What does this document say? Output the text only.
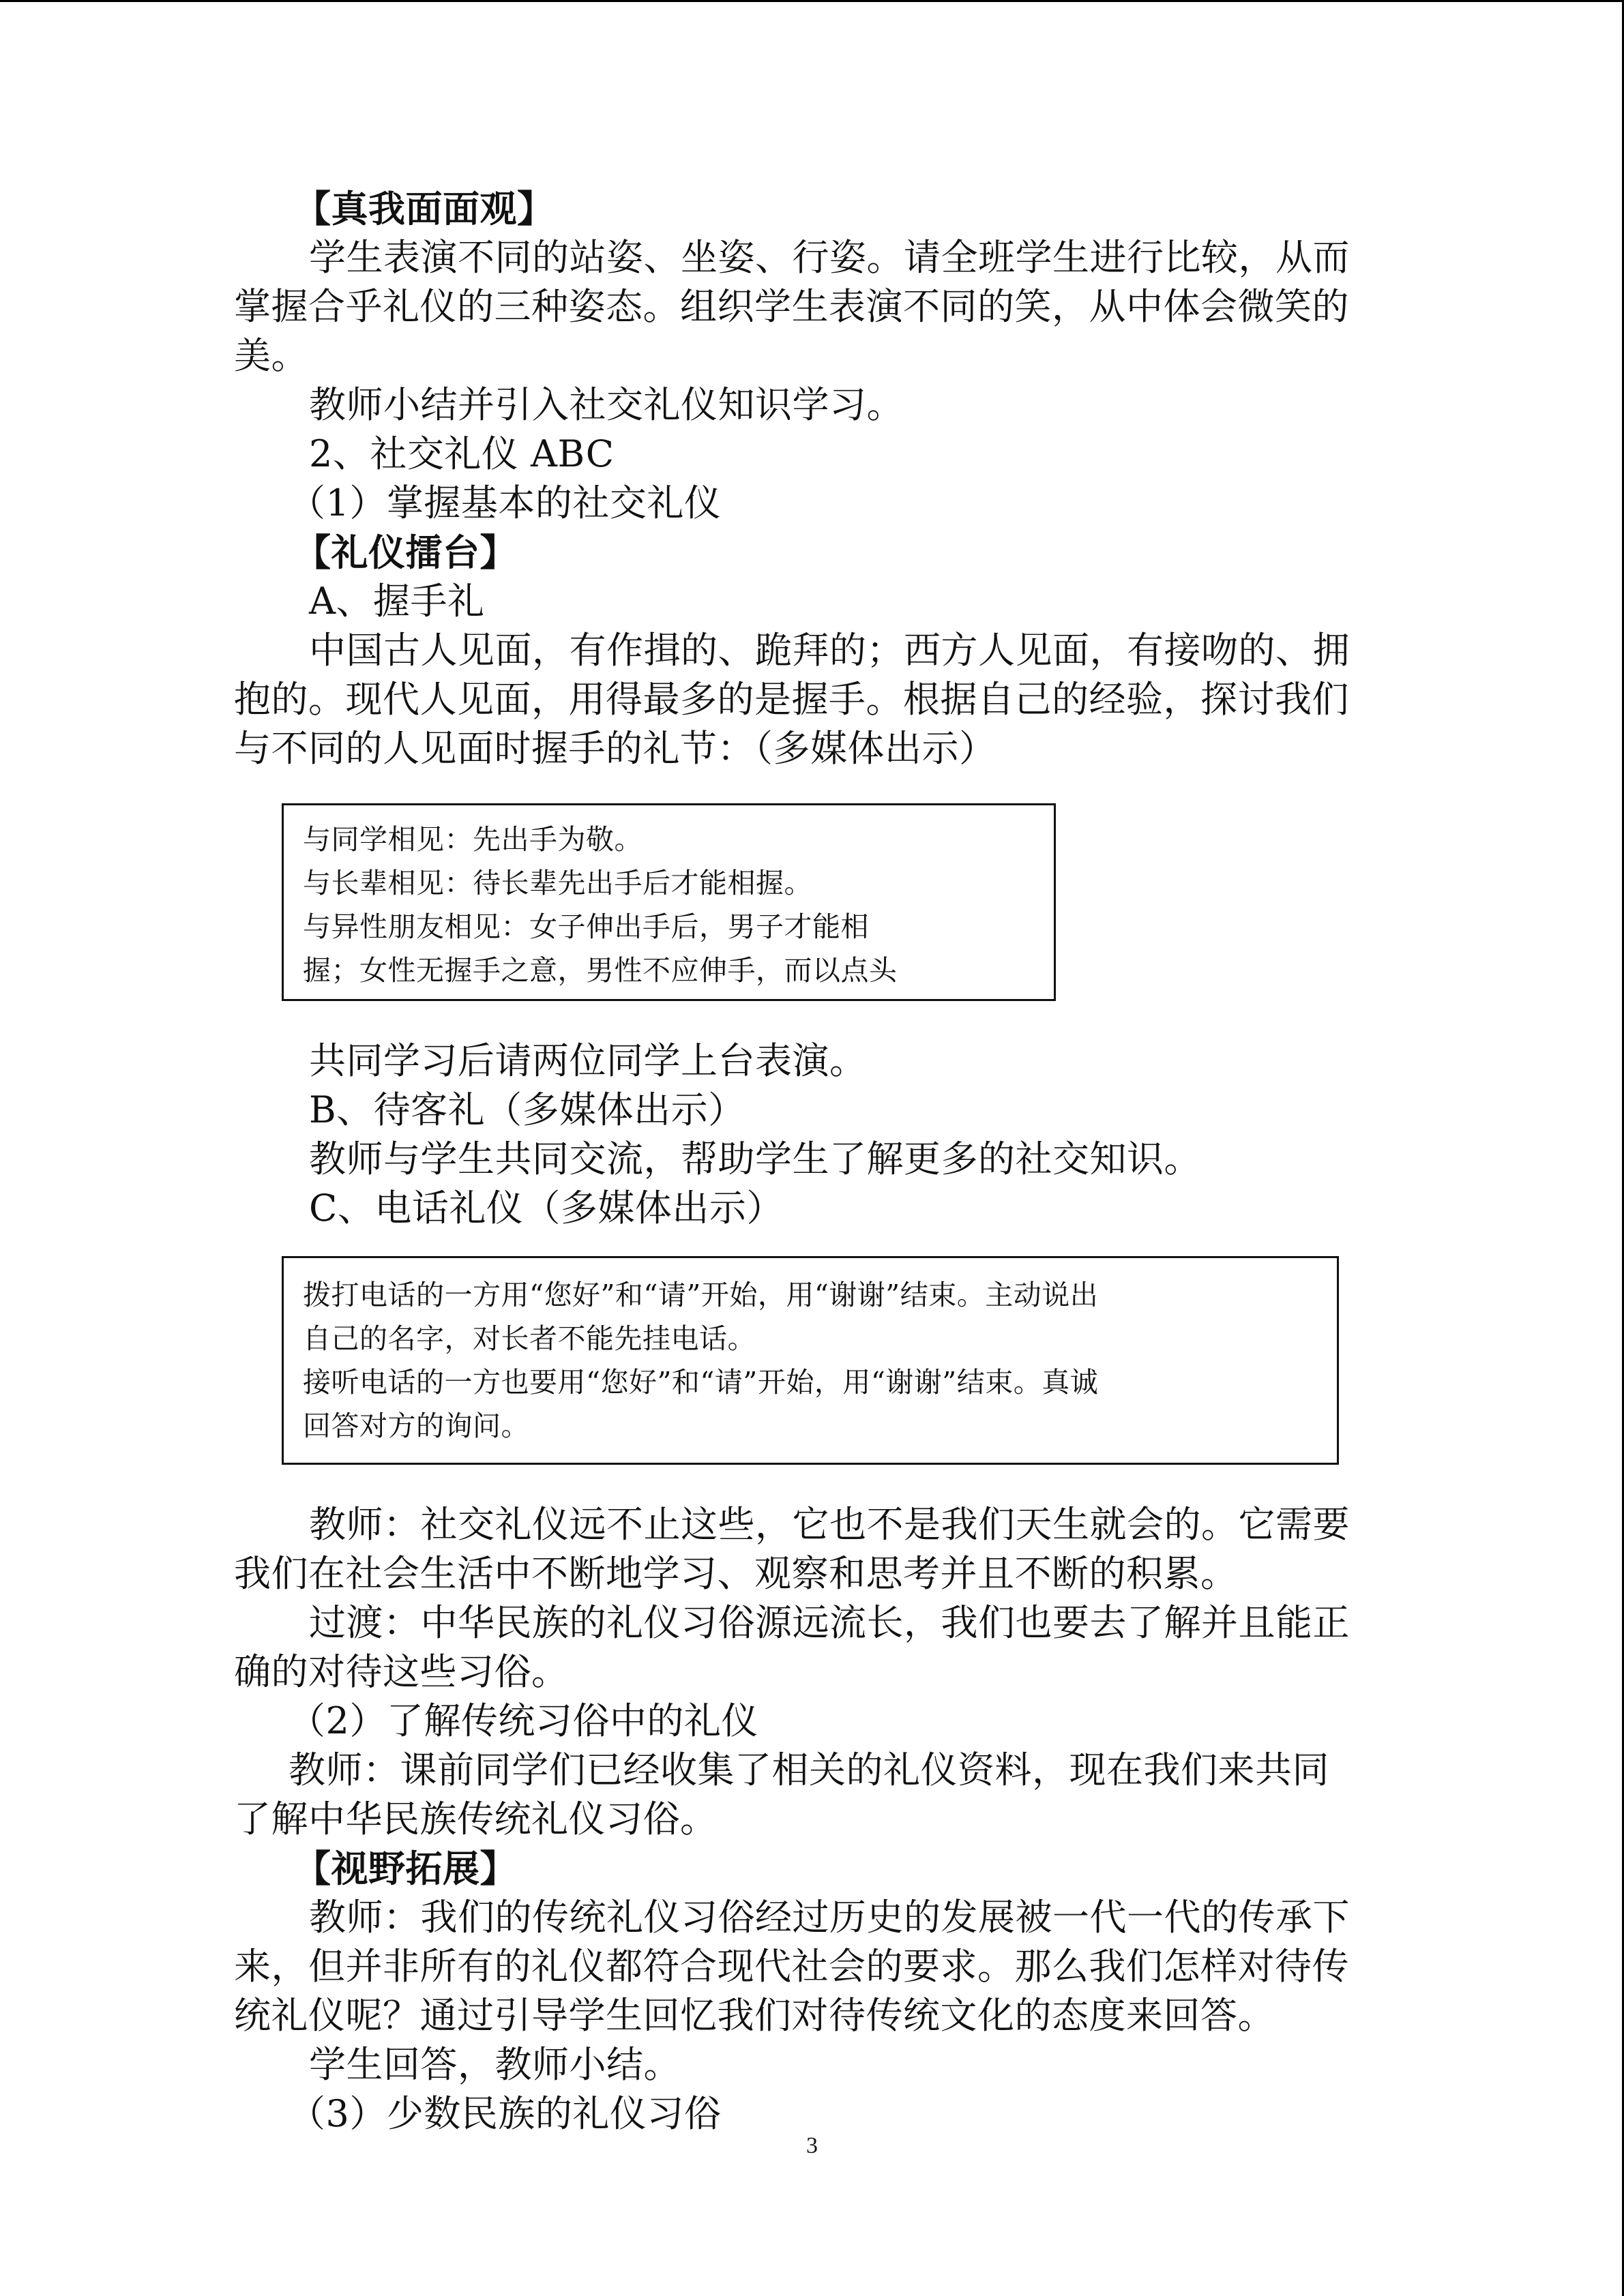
【真我面面观】
学生表演不同的站姿、坐姿、行姿。请全班学生进行比较，从而
掌握合乎礼仪的三种姿态。组织学生表演不同的笑，从中体会微笑的
美。
教师小结并引入社交礼仪知识学习。
2、社交礼仪 ABC
（1）掌握基本的社交礼仪
【礼仪擂台】
A、握手礼
中国古人见面，有作揖的、跪拜的；西方人见面，有接吻的、拥
抱的。现代人见面，用得最多的是握手。根据自己的经验，探讨我们
与不同的人见面时握手的礼节：（多媒体出示）
与同学相见：先出手为敬。
与长辈相见：待长辈先出手后才能相握。
与异性朋友相见：女子伸出手后，男子才能相
握；女性无握手之意，男性不应伸手，而以点头
共同学习后请两位同学上台表演。
B、待客礼（多媒体出示）
教师与学生共同交流，帮助学生了解更多的社交知识。
C、电话礼仪（多媒体出示）
拨打电话的一方用“您好”和“请”开始，用“谢谢”结束。主动说出
自己的名字，对长者不能先挂电话。
接听电话的一方也要用“您好”和“请”开始，用“谢谢”结束。真诚
回答对方的询问。
教师：社交礼仪远不止这些，它也不是我们天生就会的。它需要
我们在社会生活中不断地学习、观察和思考并且不断的积累。
过渡：中华民族的礼仪习俗源远流长，我们也要去了解并且能正
确的对待这些习俗。
（2）了解传统习俗中的礼仪
教师：课前同学们已经收集了相关的礼仪资料，现在我们来共同
了解中华民族传统礼仪习俗。
【视野拓展】
教师：我们的传统礼仪习俗经过历史的发展被一代一代的传承下
来，但并非所有的礼仪都符合现代社会的要求。那么我们怎样对待传
统礼仪呢？通过引导学生回忆我们对待传统文化的态度来回答。
学生回答，教师小结。
（3）少数民族的礼仪习俗
3
